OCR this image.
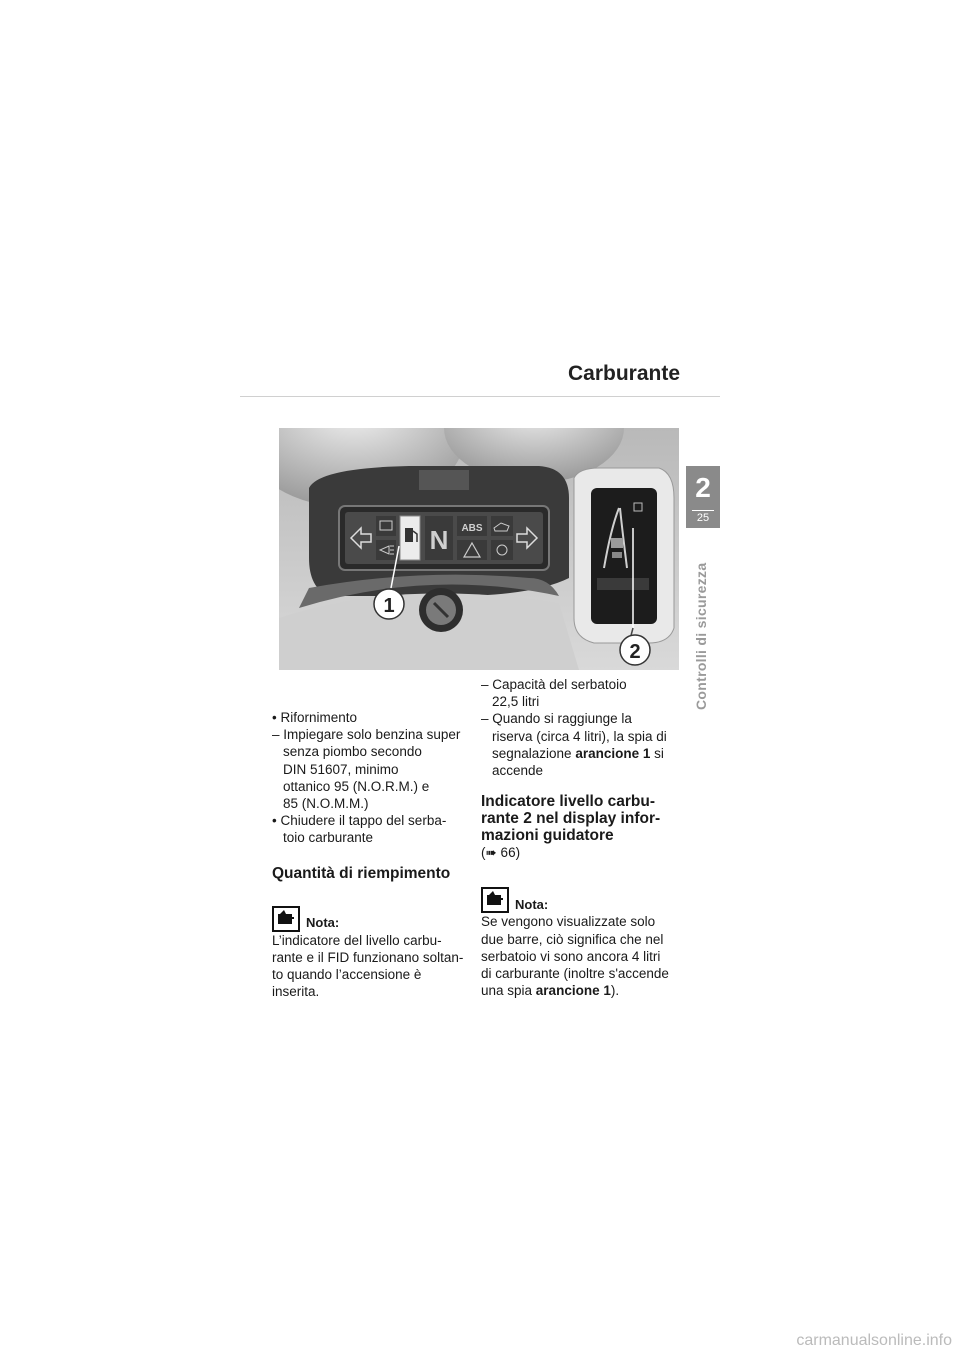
Carburante
2
25
Controlli di sicurezza
N ABS
1
2
• Rifornimento
– Impiegare solo benzina super
senza piombo secondo
DIN 51607, minimo
ottanico 95 (N.O.R.M.) e
85 (N.O.M.M.)
• Chiudere il tappo del serba-
toio carburante
Quantità di riempimento
Nota:
L’indicatore del livello carbu-
rante e il FID funzionano soltan-
to quando l’accensione è
inserita.
– Capacità del serbatoio
22,5 litri
– Quando si raggiunge la
riserva (circa 4 litri), la spia di
segnalazione arancione 1 si
accende
Indicatore livello carbu-
rante 2 nel display infor-
mazioni guidatore
(➠ 66)
Nota:
Se vengono visualizzate solo
due barre, ciò significa che nel
serbatoio vi sono ancora 4 litri
di carburante (inoltre s'accende
una spia arancione 1).
carmanualsonline.info
